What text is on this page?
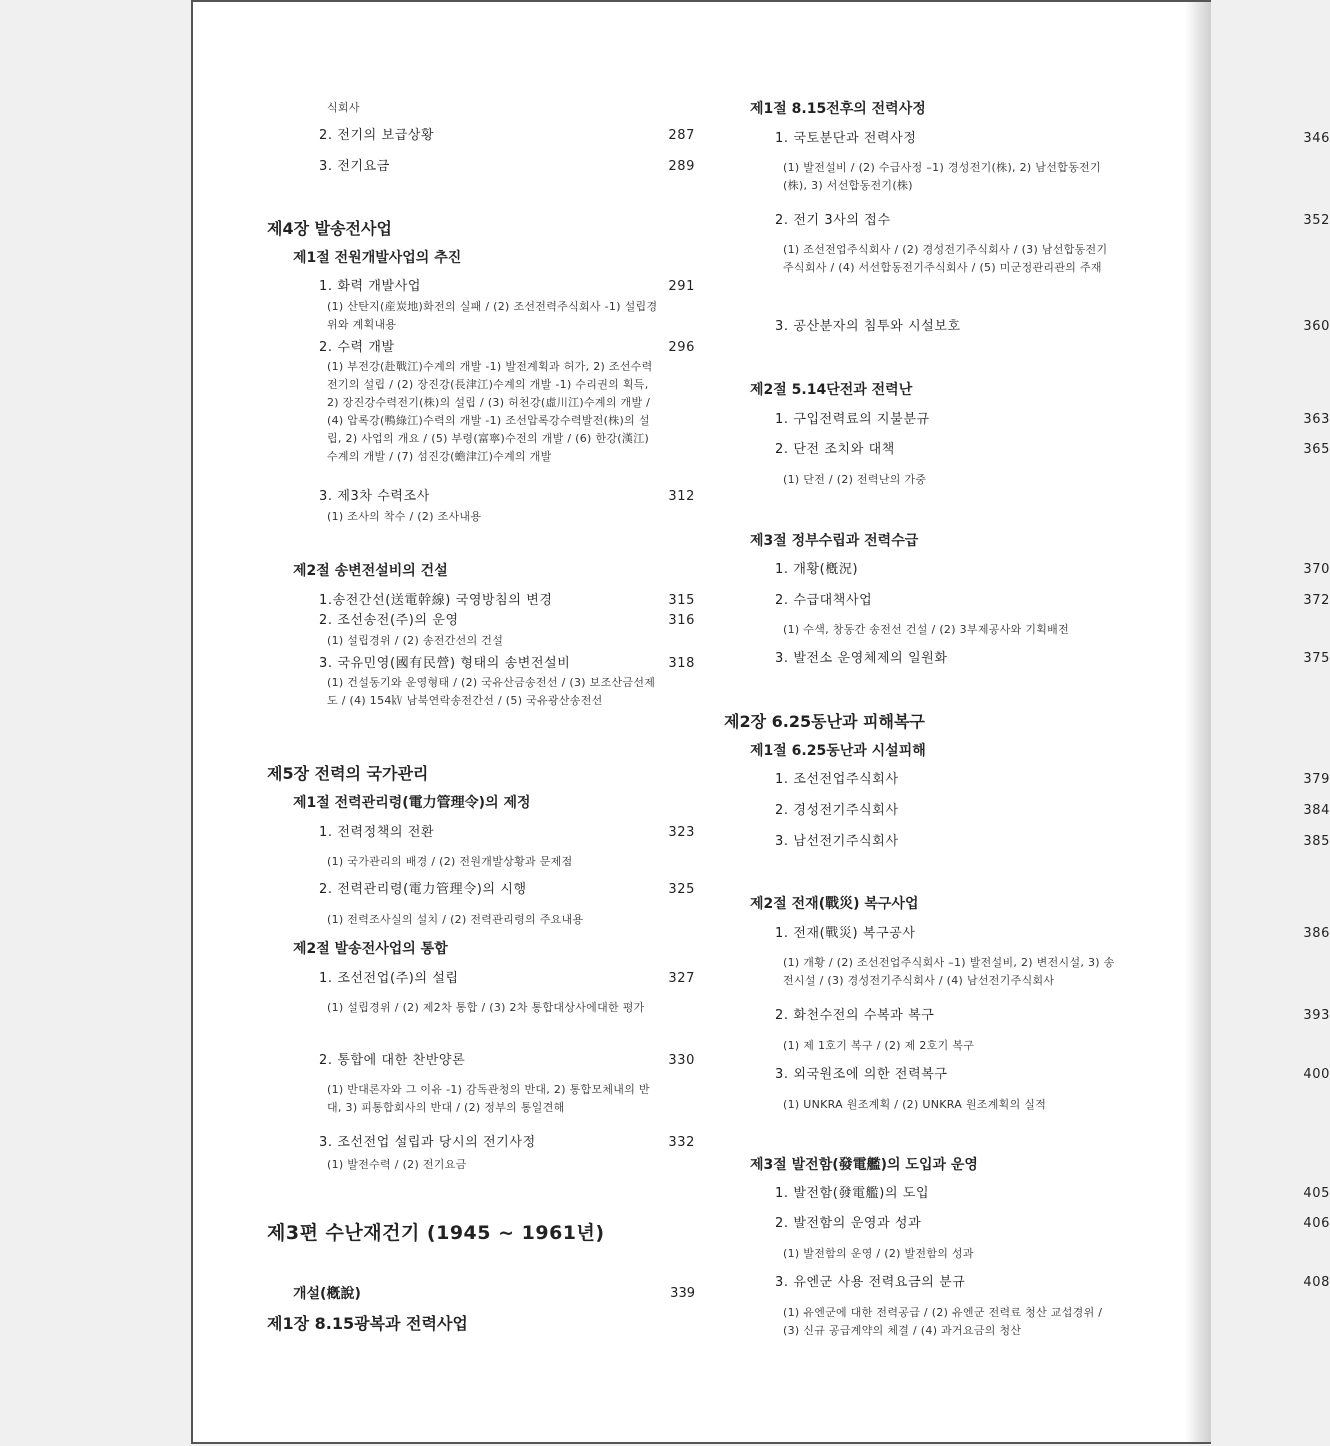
식회사
2. 전기의 보급상황	287
3. 전기요금	289
제4장 발송전사업
제1절 전원개발사업의 추진
1. 화력 개발사업	291
(1) 산탄지(産炭地)화전의 실패 / (2) 조선전력주식회사 -1) 설립경위와 계획내용
2. 수력 개발	296
(1) 부전강(赴戰江)수계의 개발 -1) 발전계획과 허가, 2) 조선수력전기의 설립 / (2) 장진강(長津江)수계의 개발 -1) 수리권의 획득, 2) 장진강수력전기(株)의 설립 / (3) 허천강(虛川江)수계의 개발 / (4) 압록강(鴨綠江)수력의 개발 -1) 조선압록강수력발전(株)의 설립, 2) 사업의 개요 / (5) 부령(富寧)수전의 개발 / (6) 한강(漢江)수계의 개발 / (7) 섬진강(蟾津江)수계의 개발
3. 제3차 수력조사	312
(1) 조사의 착수 / (2) 조사내용
제2절 송변전설비의 건설
1.송전간선(送電幹線) 국영방침의 변경	315
2. 조선송전(주)의 운영	316
(1) 설립경위 / (2) 송전간선의 건설
3. 국유민영(國有民營) 형태의 송변전설비	318
(1) 건설동기와 운영형태 / (2) 국유산금송전선 / (3) 보조산금선제도 / (4) 154㎸ 남북연락송전간선 / (5) 국유광산송전선
제5장 전력의 국가관리
제1절 전력관리령(電力管理令)의 제정
1. 전력정책의 전환	323
(1) 국가관리의 배경 / (2) 전원개발상황과 문제점
2. 전력관리령(電力管理令)의 시행	325
(1) 전력조사실의 설치 / (2) 전력관리령의 주요내용
제2절 발송전사업의 통합
1. 조선전업(주)의 설립	327
(1) 설립경위 / (2) 제2차 통합 / (3) 2차 통합대상사에대한 평가
2. 통합에 대한 찬반양론	330
(1) 반대론자와 그 이유 -1) 감독관청의 반대, 2) 통합모체내의 반대, 3) 피통합회사의 반대 / (2) 정부의 통일견해
3. 조선전업 설립과 당시의 전기사정	332
(1) 발전수력 / (2) 전기요금
제3편 수난재건기 (1945 ~ 1961년)
개설(槪說)	339
제1장 8.15광복과 전력사업
제1절 8.15전후의 전력사정
1. 국토분단과 전력사정	346
(1) 발전설비 / (2) 수급사정 –1) 경성전기(株), 2) 남선합동전기(株), 3) 서선합동전기(株)
2. 전기 3사의 접수	352
(1) 조선전업주식회사 / (2) 경성전기주식회사 / (3) 남선합동전기주식회사 / (4) 서선합동전기주식회사 / (5) 미군정관리관의 주재
3. 공산분자의 침투와 시설보호	360
제2절 5.14단전과 전력난
1. 구입전력료의 지불분규	363
2. 단전 조치와 대책	365
(1) 단전 / (2) 전력난의 가중
제3절 정부수립과 전력수급
1. 개황(槪況)	370
2. 수급대책사업	372
(1) 수색, 창동간 송전선 건설 / (2) 3부제공사와 기획배전
3. 발전소 운영체제의 일원화	375
제2장 6.25동난과 피해복구
제1절 6.25동난과 시설피해
1. 조선전업주식회사	379
2. 경성전기주식회사	384
3. 남선전기주식회사	385
제2절 전재(戰災) 복구사업
1. 전재(戰災) 복구공사	386
(1) 개황 / (2) 조선전업주식회사 –1) 발전설비, 2) 변전시설, 3) 송전시설 / (3) 경성전기주식회사 / (4) 남선전기주식회사
2. 화천수전의 수복과 복구	393
(1) 제 1호기 복구 / (2) 제 2호기 복구
3. 외국원조에 의한 전력복구	400
(1) UNKRA 원조계획 / (2) UNKRA 원조계획의 실적
제3절 발전함(發電艦)의 도입과 운영
1. 발전함(發電艦)의 도입	405
2. 발전함의 운영과 성과	406
(1) 발전함의 운영 / (2) 발전함의 성과
3. 유엔군 사용 전력요금의 분규	408
(1) 유엔군에 대한 전력공급 / (2) 유엔군 전력료 청산 교섭경위 / (3) 신규 공급계약의 체결 / (4) 과거요금의 청산
